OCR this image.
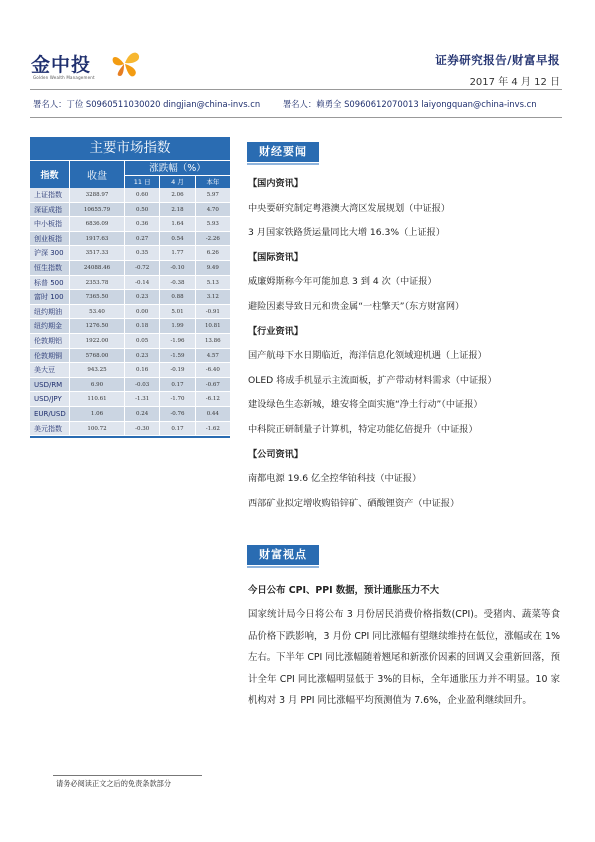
金中投
Golden Wealth Management
证券研究报告/财富早报
2017 年 4 月 12 日
署名人：丁俭 S0960511030020 dingjian@china-invs.cn	署名人：赖勇全 S0960612070013 laiyongquan@china-invs.cn
主要市场指数
指数	收盘
涨跌幅（%）
11 日	4 月	本年
上证指数	3288.97	0.60	2.06	5.97
深证成指	10655.79	0.50	2.18	4.70
中小板指	6836.09	0.36	1.64	5.93
创业板指	1917.63	0.27	0.54	-2.26
沪深 300	3517.33	0.35	1.77	6.26
恒生指数	24088.46	-0.72	-0.10	9.49
标普 500	2353.78	-0.14	-0.38	5.13
富时 100	7365.50	0.23	0.88	3.12
纽约期油	53.40	0.00	5.01	-0.91
纽约期金	1276.50	0.18	1.99	10.81
伦敦期铝	1922.00	0.05	-1.96	13.86
伦敦期铜	5768.00	0.23	-1.59	4.57
美大豆	943.25	0.16	-0.19	-6.40
USD/RM	6.90	-0.03	0.17	-0.67
USD/JPY	110.61	-1.31	-1.70	-6.12
EUR/USD	1.06	0.24	-0.76	0.44
美元指数	100.72	-0.30	0.17	-1.62
财经要闻
【国内资讯】
中央要研究制定粤港澳大湾区发展规划（中证报）
3 月国家铁路货运量同比大增 16.3%（上证报）
【国际资讯】
威廉姆斯称今年可能加息 3 到 4 次（中证报）
避险因素导致日元和贵金属“一柱擎天”（东方财富网）
【行业资讯】
国产航母下水日期临近，海洋信息化领域迎机遇（上证报）
OLED 将成手机显示主流面板，扩产带动材料需求（中证报）
建设绿色生态新城，雄安将全面实施“净土行动”（中证报）
中科院正研制量子计算机，特定功能亿倍提升（中证报）
【公司资讯】
南都电源 19.6 亿全控华铂科技（中证报）
西部矿业拟定增收购铅锌矿、硒酸锂资产（中证报）
财富视点
今日公布 CPI、PPI 数据，预计通胀压力不大
国家统计局今日将公布 3 月份居民消费价格指数(CPI)。受猪肉、蔬菜等食品价格下跌影响，3 月份 CPI 同比涨幅有望继续维持在低位，涨幅或在 1%左右。下半年 CPI 同比涨幅随着翘尾和新涨价因素的回调又会重新回落，预计全年 CPI 同比涨幅明显低于 3%的目标，全年通胀压力并不明显。10 家机构对 3 月 PPI 同比涨幅平均预测值为 7.6%，企业盈利继续回升。
请务必阅读正文之后的免责条款部分
